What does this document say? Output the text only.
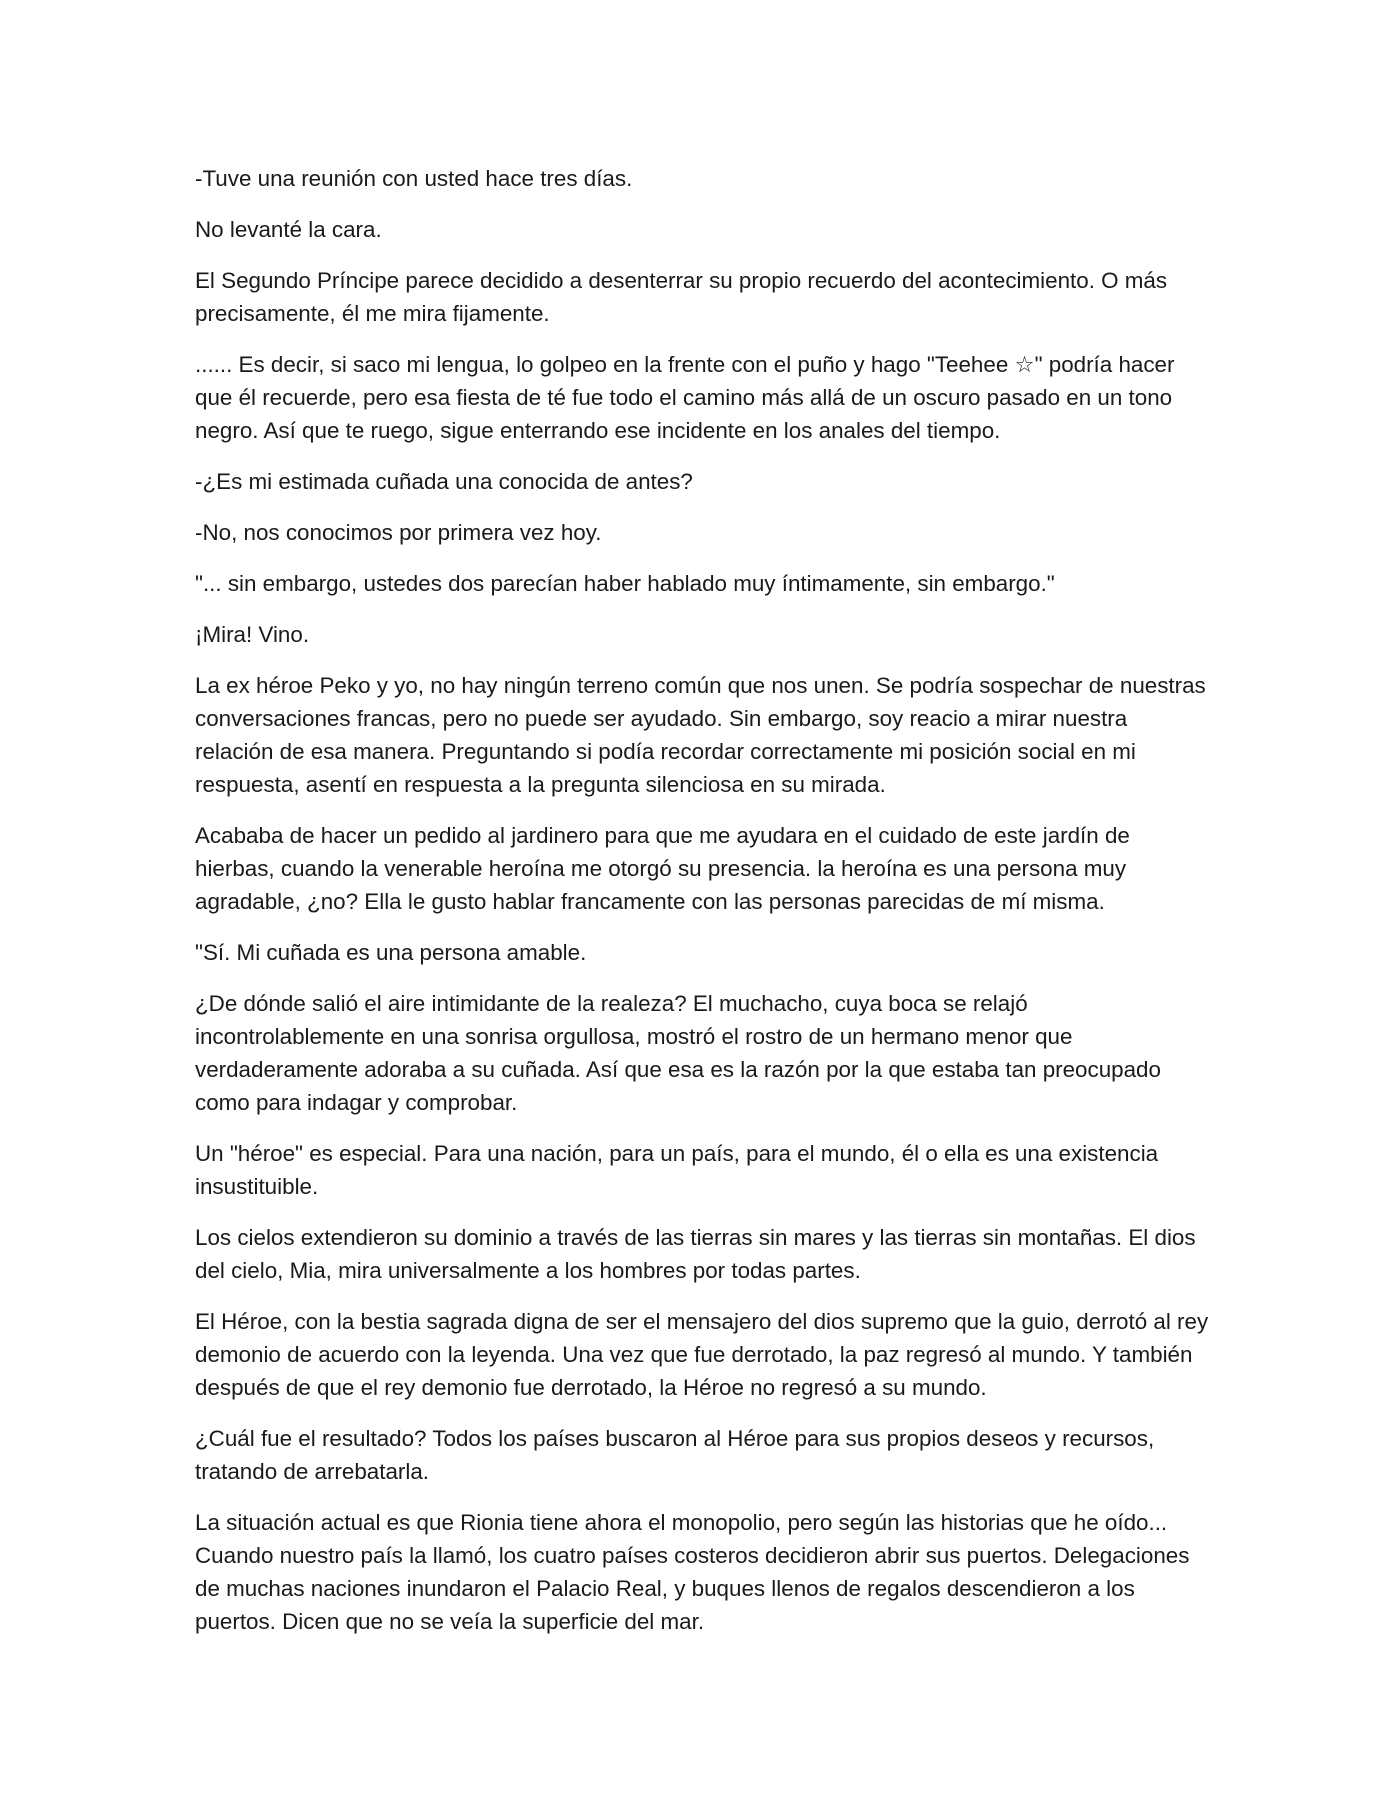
-Tuve una reunión con usted hace tres días.

No levanté la cara.

El Segundo Príncipe parece decidido a desenterrar su propio recuerdo del acontecimiento. O más precisamente, él me mira fijamente.

...... Es decir, si saco mi lengua, lo golpeo en la frente con el puño y hago "Teehee ☆" podría hacer que él recuerde, pero esa fiesta de té fue todo el camino más allá de un oscuro pasado en un tono negro. Así que te ruego, sigue enterrando ese incidente en los anales del tiempo.

-¿Es mi estimada cuñada una conocida de antes?

-No, nos conocimos por primera vez hoy.

"... sin embargo, ustedes dos parecían haber hablado muy íntimamente, sin embargo."

¡Mira! Vino.

La ex héroe Peko y yo, no hay ningún terreno común que nos unen. Se podría sospechar de nuestras conversaciones francas, pero no puede ser ayudado. Sin embargo, soy reacio a mirar nuestra relación de esa manera. Preguntando si podía recordar correctamente mi posición social en mi respuesta, asentí en respuesta a la pregunta silenciosa en su mirada.

Acababa de hacer un pedido al jardinero para que me ayudara en el cuidado de este jardín de hierbas, cuando la venerable heroína me otorgó su presencia. la heroína es una persona muy agradable, ¿no? Ella le gusto hablar francamente con las personas parecidas de mí misma.

"Sí. Mi cuñada es una persona amable.

¿De dónde salió el aire intimidante de la realeza? El muchacho, cuya boca se relajó incontrolablemente en una sonrisa orgullosa, mostró el rostro de un hermano menor que verdaderamente adoraba a su cuñada. Así que esa es la razón por la que estaba tan preocupado como para indagar y comprobar.

Un "héroe" es especial. Para una nación, para un país, para el mundo, él o ella es una existencia insustituible.

Los cielos extendieron su dominio a través de las tierras sin mares y las tierras sin montañas. El dios del cielo, Mia, mira universalmente a los hombres por todas partes.

El Héroe, con la bestia sagrada digna de ser el mensajero del dios supremo que la guio, derrotó al rey demonio de acuerdo con la leyenda. Una vez que fue derrotado, la paz regresó al mundo. Y también después de que el rey demonio fue derrotado, la Héroe no regresó a su mundo.

¿Cuál fue el resultado? Todos los países buscaron al Héroe para sus propios deseos y recursos, tratando de arrebatarla.

La situación actual es que Rionia tiene ahora el monopolio, pero según las historias que he oído... Cuando nuestro país la llamó, los cuatro países costeros decidieron abrir sus puertos. Delegaciones de muchas naciones inundaron el Palacio Real, y buques llenos de regalos descendieron a los puertos. Dicen que no se veía la superficie del mar.
